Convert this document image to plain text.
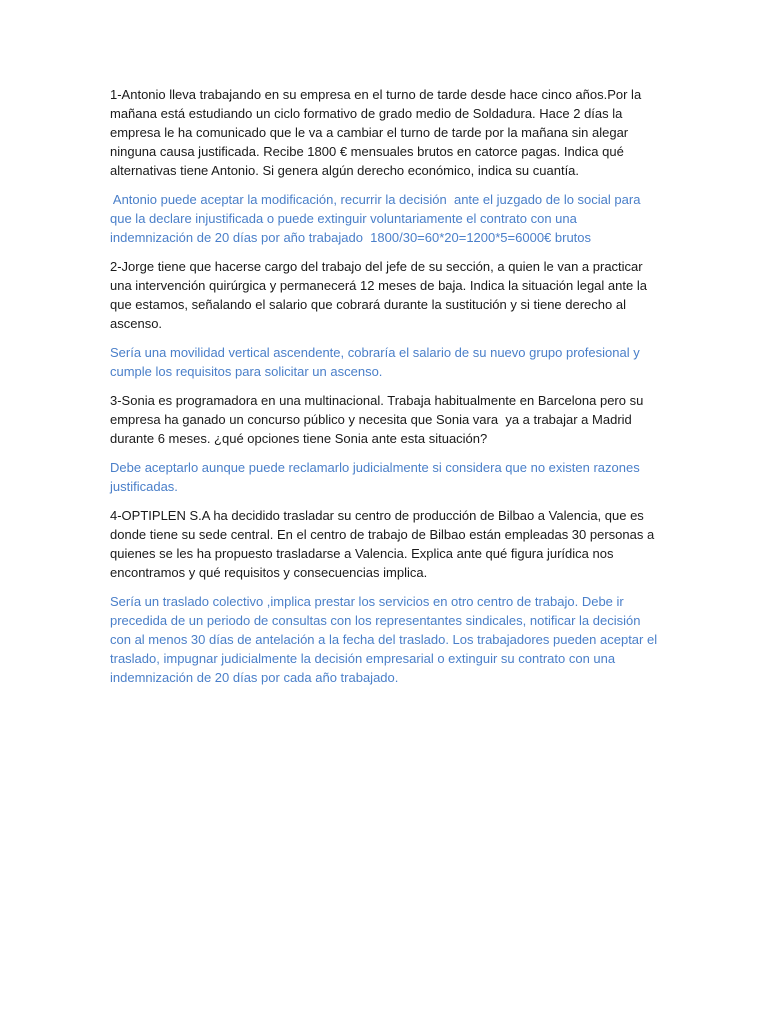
1-Antonio lleva trabajando en su empresa en el turno de tarde desde hace cinco años.Por la
mañana está estudiando un ciclo formativo de grado medio de Soldadura. Hace 2 días la
empresa le ha comunicado que le va a cambiar el turno de tarde por la mañana sin alegar
ninguna causa justificada. Recibe 1800 € mensuales brutos en catorce pagas. Indica qué
alternativas tiene Antonio. Si genera algún derecho económico, indica su cuantía.
Antonio puede aceptar la modificación, recurrir la decisión  ante el juzgado de lo social para
que la declare injustificada o puede extinguir voluntariamente el contrato con una
indemnización de 20 días por año trabajado  1800/30=60*20=1200*5=6000€ brutos
2-Jorge tiene que hacerse cargo del trabajo del jefe de su sección, a quien le van a practicar
una intervención quirúrgica y permanecerá 12 meses de baja. Indica la situación legal ante la
que estamos, señalando el salario que cobrará durante la sustitución y si tiene derecho al
ascenso.
Sería una movilidad vertical ascendente, cobraría el salario de su nuevo grupo profesional y
cumple los requisitos para solicitar un ascenso.
3-Sonia es programadora en una multinacional. Trabaja habitualmente en Barcelona pero su
empresa ha ganado un concurso público y necesita que Sonia vara  ya a trabajar a Madrid
durante 6 meses. ¿qué opciones tiene Sonia ante esta situación?
Debe aceptarlo aunque puede reclamarlo judicialmente si considera que no existen razones
justificadas.
4-OPTIPLEN S.A ha decidido trasladar su centro de producción de Bilbao a Valencia, que es
donde tiene su sede central. En el centro de trabajo de Bilbao están empleadas 30 personas a
quienes se les ha propuesto trasladarse a Valencia. Explica ante qué figura jurídica nos
encontramos y qué requisitos y consecuencias implica.
Sería un traslado colectivo ,implica prestar los servicios en otro centro de trabajo. Debe ir
precedida de un periodo de consultas con los representantes sindicales, notificar la decisión
con al menos 30 días de antelación a la fecha del traslado. Los trabajadores pueden aceptar el
traslado, impugnar judicialmente la decisión empresarial o extinguir su contrato con una
indemnización de 20 días por cada año trabajado.
